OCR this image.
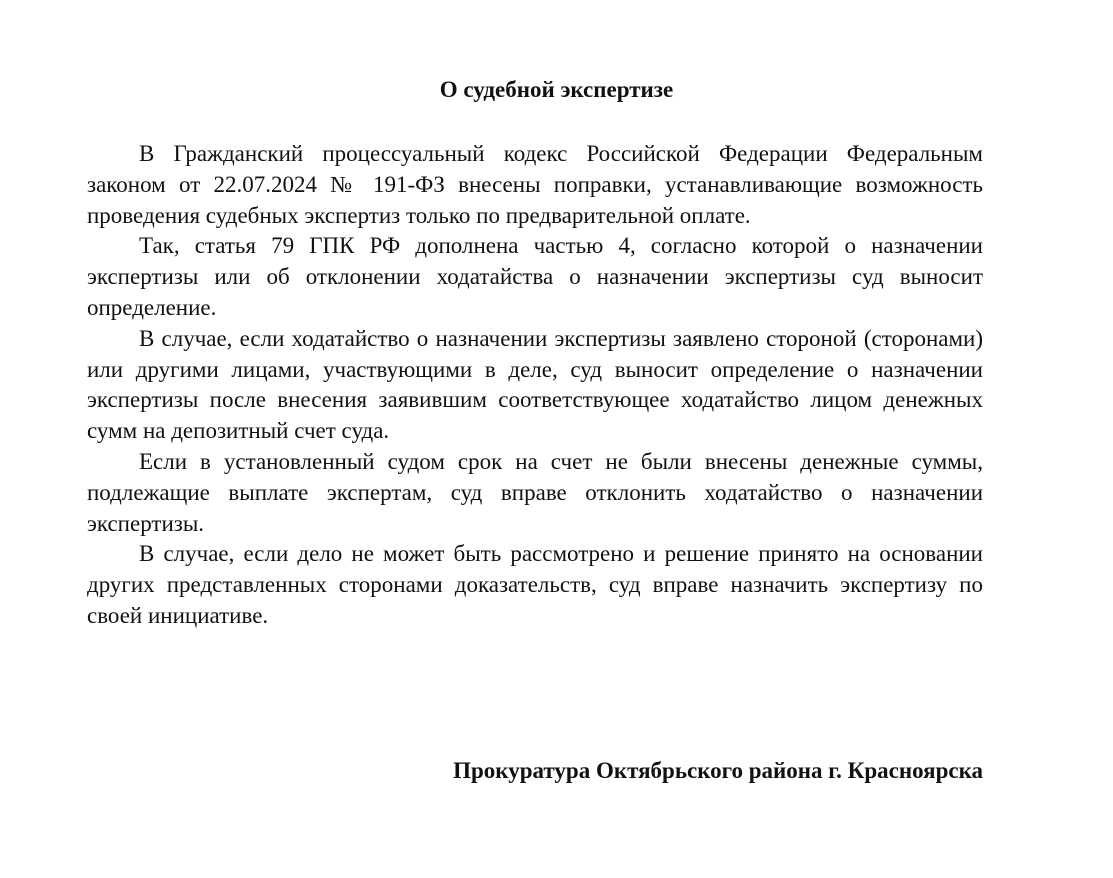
О судебной экспертизе

В Гражданский процессуальный кодекс Российской Федерации Федеральным законом от 22.07.2024 № 191-ФЗ внесены поправки, устанавливающие возможность проведения судебных экспертиз только по предварительной оплате.

Так, статья 79 ГПК РФ дополнена частью 4, согласно которой о назначении экспертизы или об отклонении ходатайства о назначении экспертизы суд выносит определение.

В случае, если ходатайство о назначении экспертизы заявлено стороной (сторонами) или другими лицами, участвующими в деле, суд выносит определение о назначении экспертизы после внесения заявившим соответствующее ходатайство лицом денежных сумм на депозитный счет суда.

Если в установленный судом срок на счет не были внесены денежные суммы, подлежащие выплате экспертам, суд вправе отклонить ходатайство о назначении экспертизы.

В случае, если дело не может быть рассмотрено и решение принято на основании других представленных сторонами доказательств, суд вправе назначить экспертизу по своей инициативе.

Прокуратура Октябрьского района г. Красноярска
